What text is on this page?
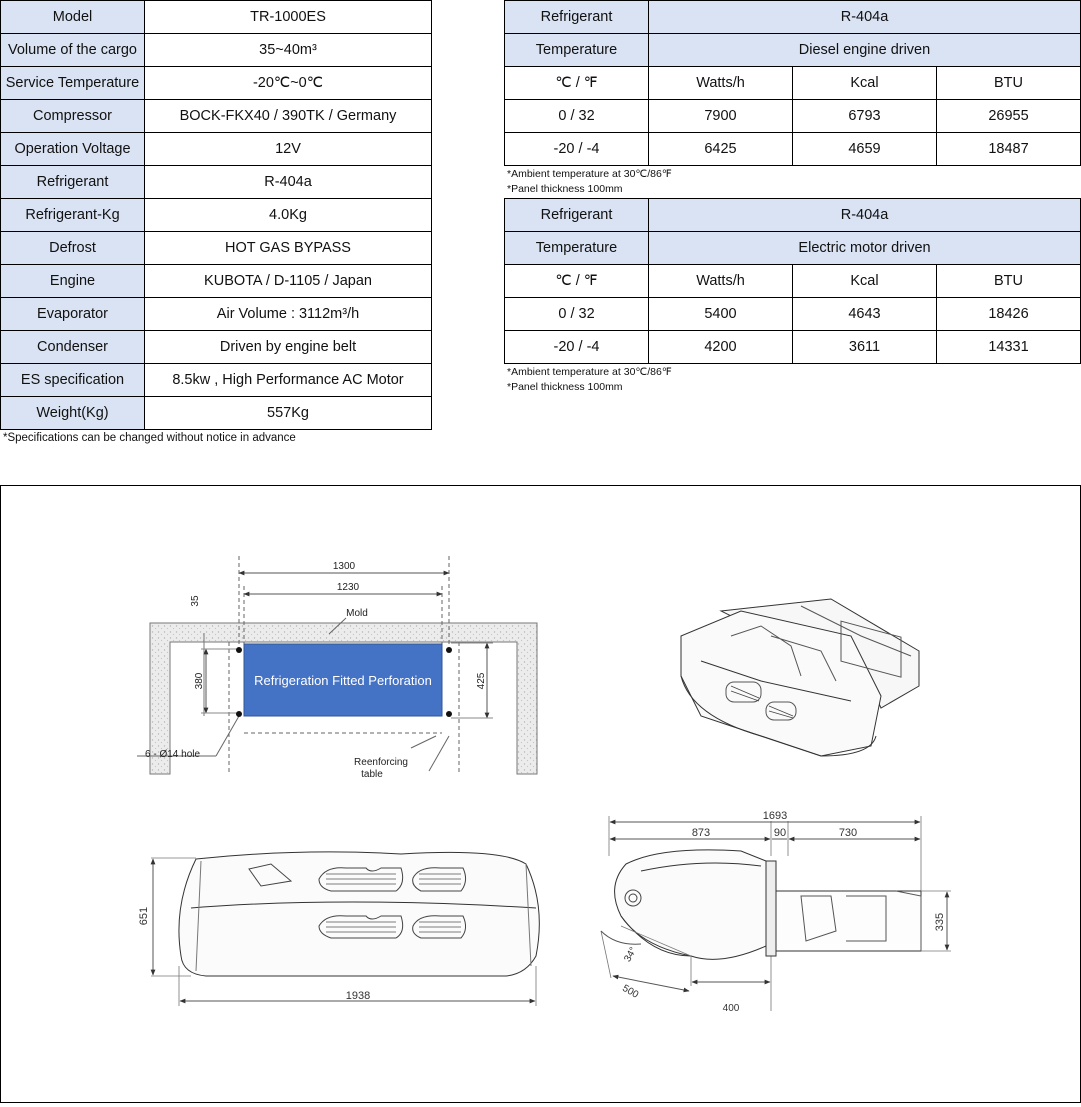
Model	TR-1000ES
Volume of the cargo	35~40m³
Service Temperature	-20℃~0℃
Compressor	BOCK-FKX40 / 390TK / Germany
Operation Voltage	12V
Refrigerant	R-404a
Refrigerant-Kg	4.0Kg
Defrost	HOT GAS BYPASS
Engine	KUBOTA / D-1105 / Japan
Evaporator	Air Volume : 3112m³/h
Condenser	Driven by engine belt
ES specification	8.5kw , High Performance AC Motor
Weight(Kg)	557Kg
*Specifications can be changed without notice in advance
Refrigerant	R-404a		
Temperature	Diesel engine driven		
℃ / ℉	Watts/h	Kcal	BTU
0 / 32	7900	6793	26955
-20 / -4	6425	4659	18487
*Ambient temperature at 30℃/86℉
*Panel thickness 100mm
Refrigerant	R-404a		
Temperature	Electric motor driven		
℃ / ℉	Watts/h	Kcal	BTU
0 / 32	5400	4643	18426
-20 / -4	4200	3611	14331
*Ambient temperature at 30℃/86℉
*Panel thickness 100mm
1300
1230
Mold
35
380	425
Refrigeration Fitted Perforation
6 - Ø14 hole
Reenforcing
table
651
1938
1693
873	90	730
335
34°
500
400
